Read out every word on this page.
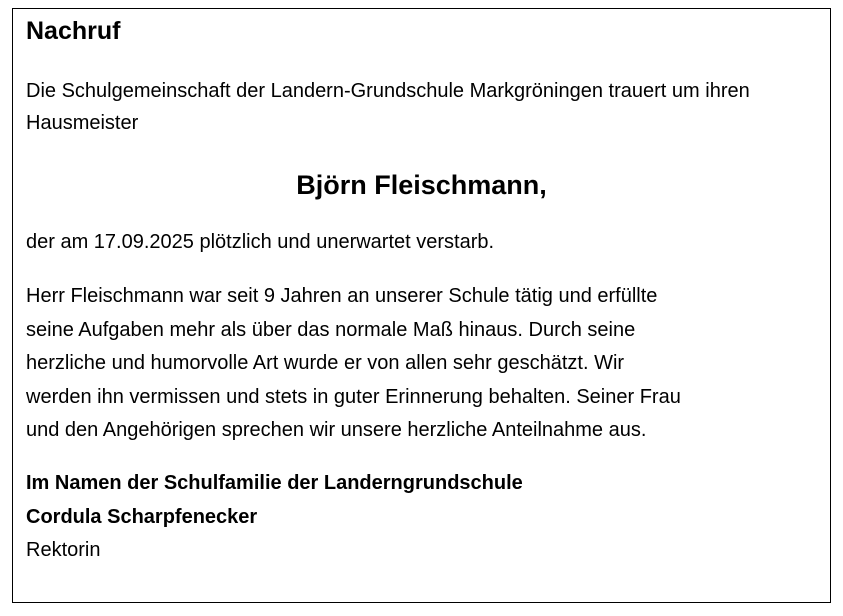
Nachruf
Die Schulgemeinschaft der Landern-Grundschule Markgröningen trauert um ihren Hausmeister
Björn Fleischmann,
der am 17.09.2025 plötzlich und unerwartet verstarb.
Herr Fleischmann war seit 9 Jahren an unserer Schule tätig und erfüllte
seine Aufgaben mehr als über das normale Maß hinaus. Durch seine
herzliche und humorvolle Art wurde er von allen sehr geschätzt. Wir
werden ihn vermissen und stets in guter Erinnerung behalten. Seiner Frau
und den Angehörigen sprechen wir unsere herzliche Anteilnahme aus.
Im Namen der Schulfamilie der Landerngrundschule
Cordula Scharpfenecker
Rektorin
